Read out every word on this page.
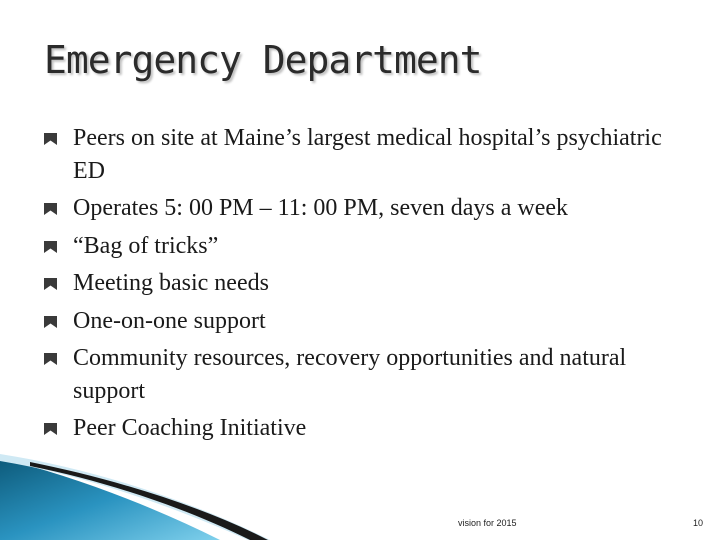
Emergency Department
Peers on site at Maine’s largest medical hospital’s psychiatric ED
Operates 5: 00 PM – 11: 00 PM, seven days a week
“Bag of tricks”
Meeting basic needs
One-on-one support
Community resources, recovery opportunities and natural support
Peer Coaching Initiative
vision for 2015	10
